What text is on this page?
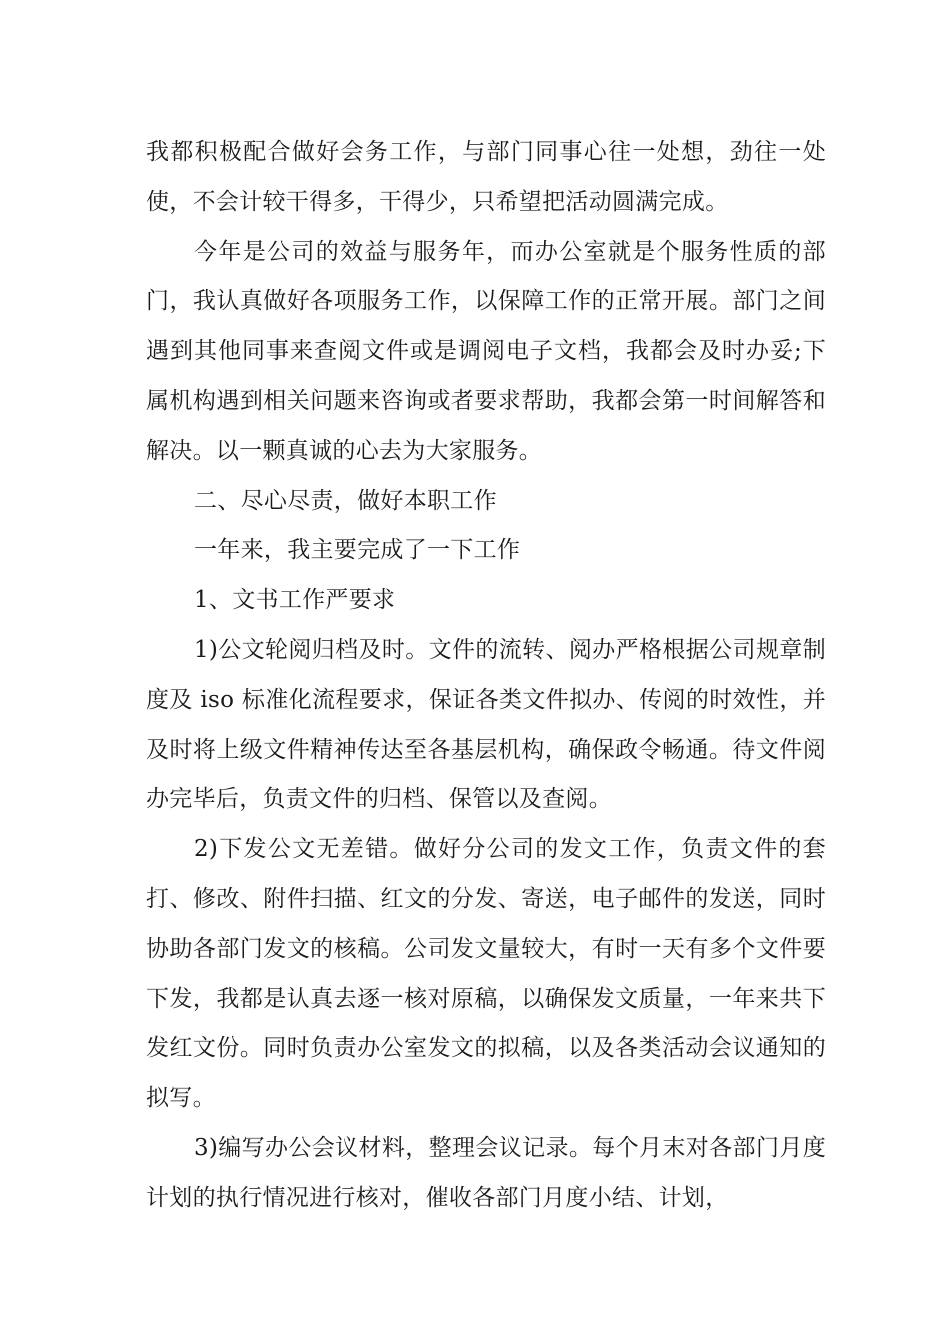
我都积极配合做好会务工作，与部门同事心往一处想，劲往一处使，不会计较干得多，干得少，只希望把活动圆满完成。

今年是公司的效益与服务年，而办公室就是个服务性质的部门，我认真做好各项服务工作，以保障工作的正常开展。部门之间遇到其他同事来查阅文件或是调阅电子文档，我都会及时办妥;下属机构遇到相关问题来咨询或者要求帮助，我都会第一时间解答和解决。以一颗真诚的心去为大家服务。

二、尽心尽责，做好本职工作

一年来，我主要完成了一下工作

1、文书工作严要求

1)公文轮阅归档及时。文件的流转、阅办严格根据公司规章制度及 iso 标准化流程要求，保证各类文件拟办、传阅的时效性，并及时将上级文件精神传达至各基层机构，确保政令畅通。待文件阅办完毕后，负责文件的归档、保管以及查阅。

2)下发公文无差错。做好分公司的发文工作，负责文件的套打、修改、附件扫描、红文的分发、寄送，电子邮件的发送，同时协助各部门发文的核稿。公司发文量较大，有时一天有多个文件要下发，我都是认真去逐一核对原稿，以确保发文质量，一年来共下发红文份。同时负责办公室发文的拟稿，以及各类活动会议通知的拟写。

3)编写办公会议材料，整理会议记录。每个月末对各部门月度计划的执行情况进行核对，催收各部门月度小结、计划，
